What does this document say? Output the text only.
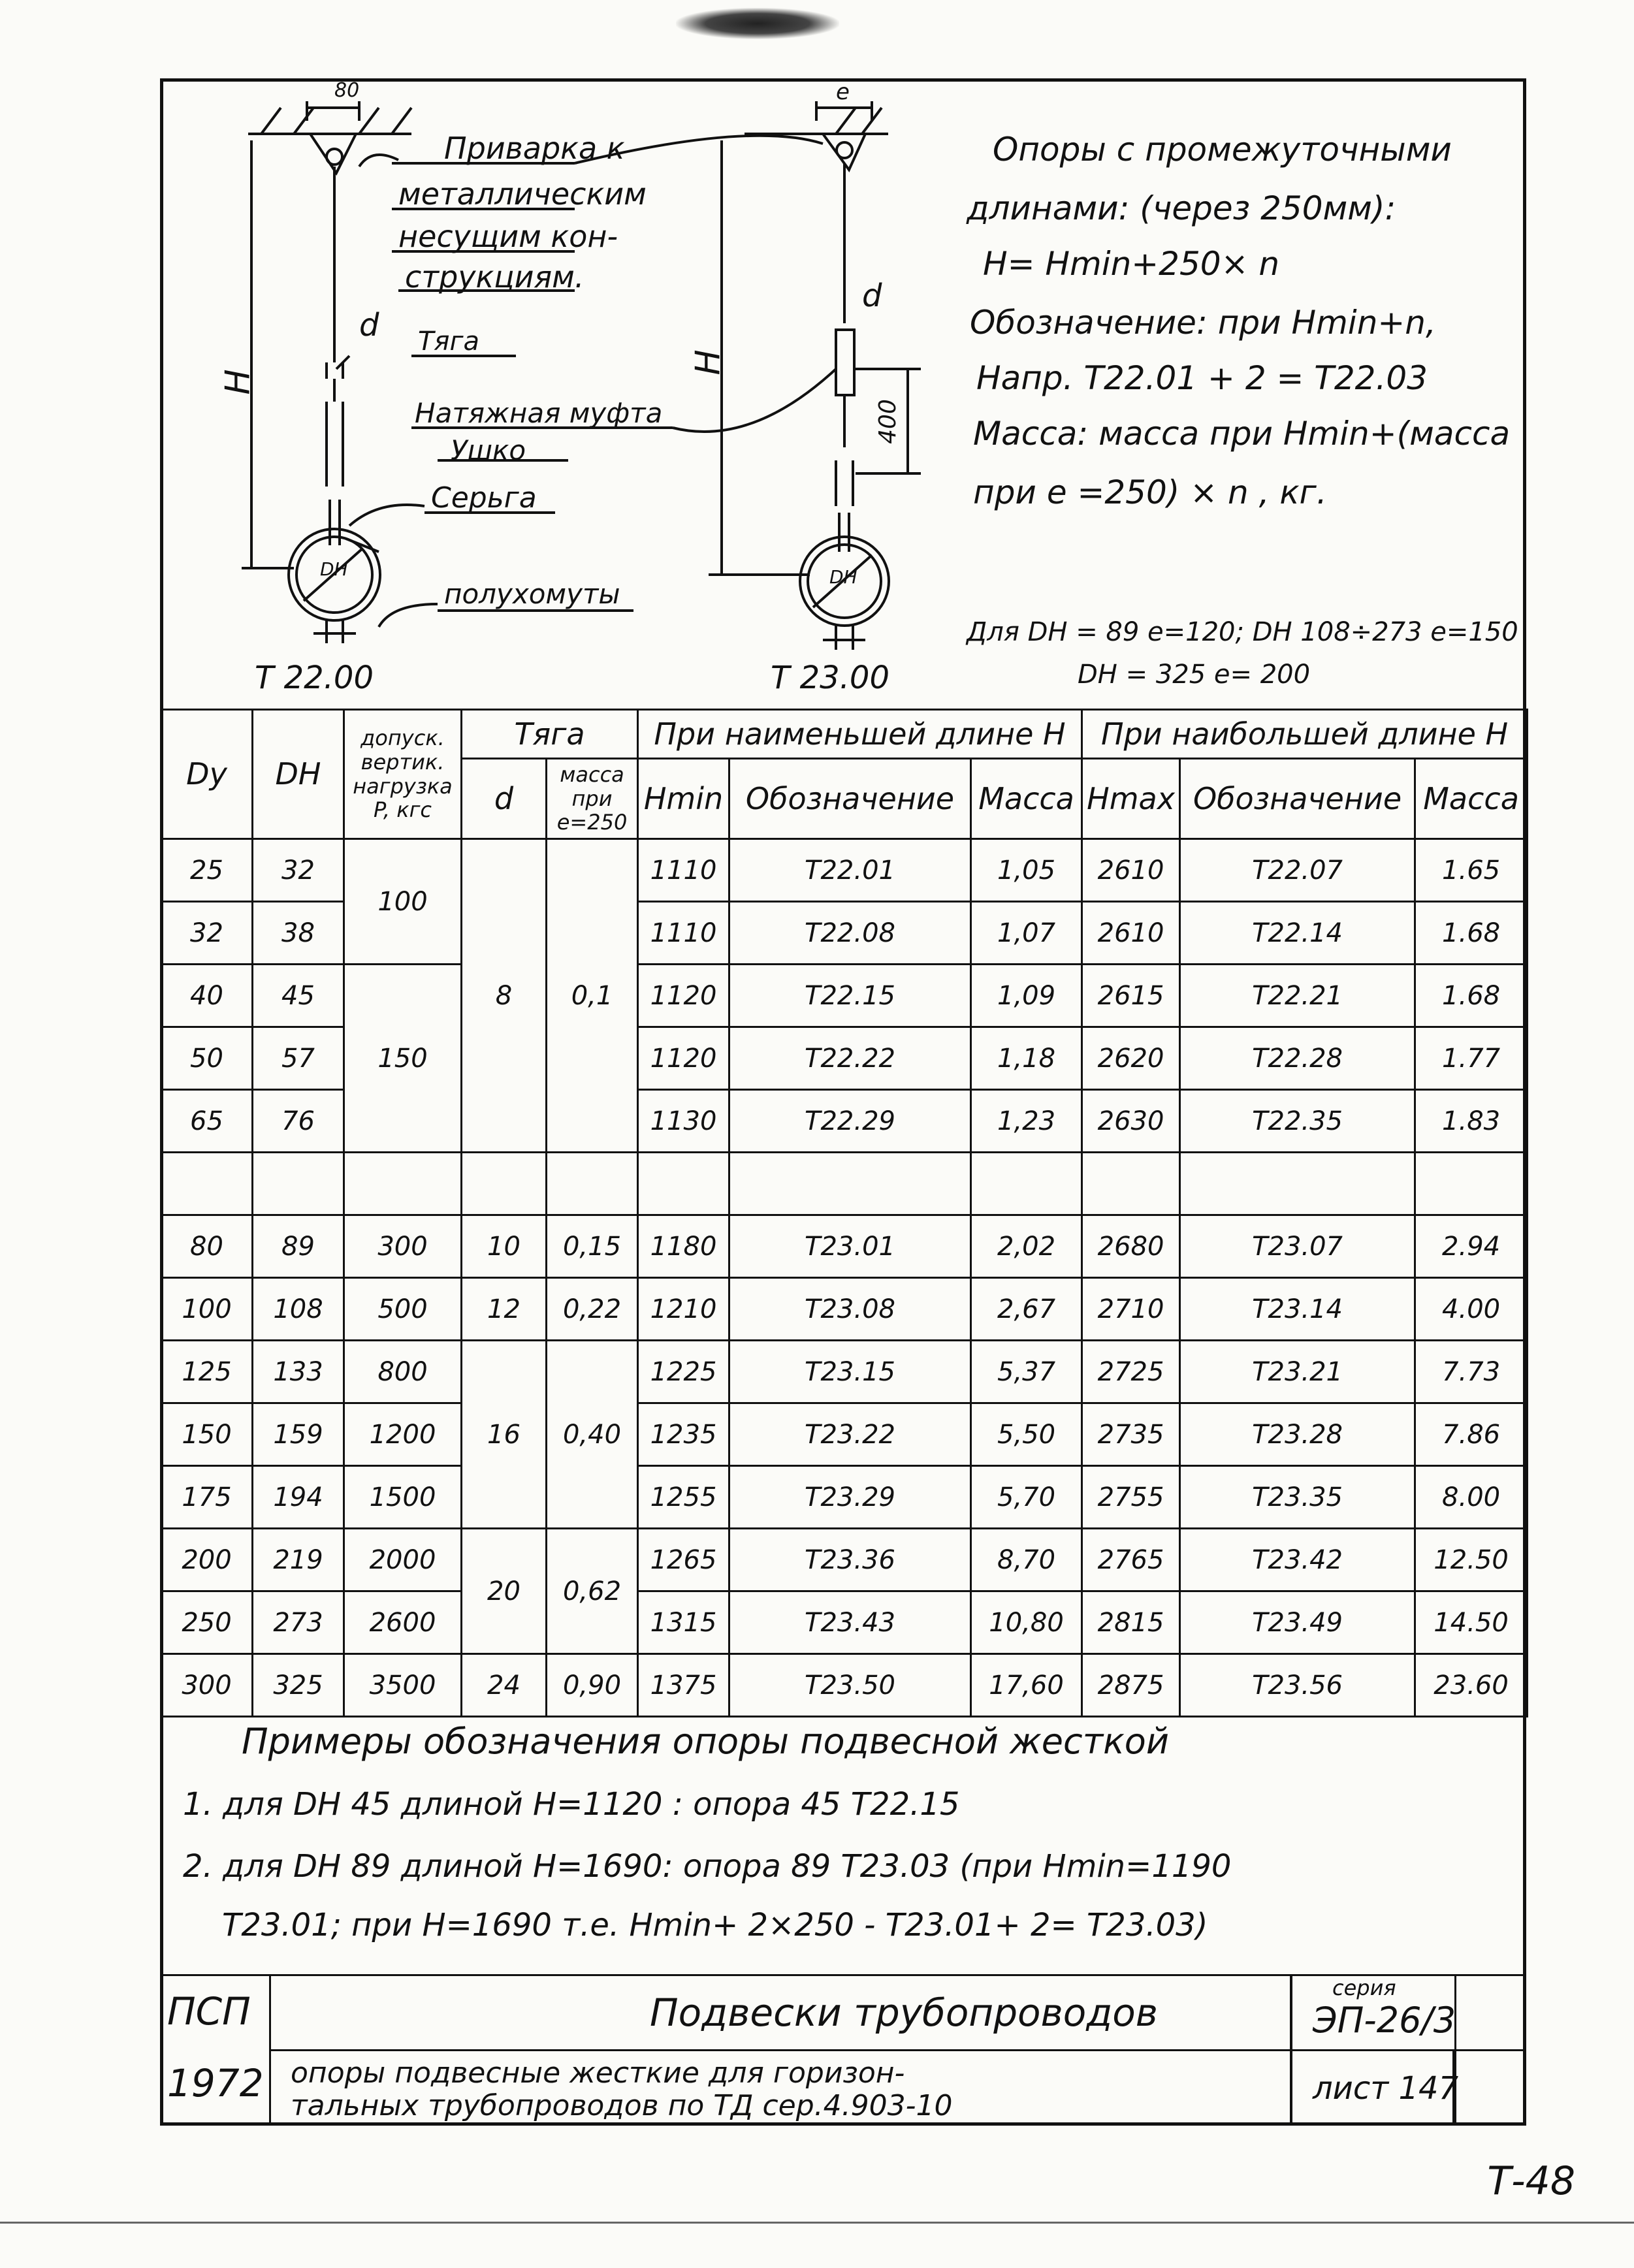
80	e
H
H
d
d
400
DH	DH
Приварка к
металлическим
несущим кон-
струкциям.
Тяга
Натяжная муфта
Ушко
Серьга
полухомуты
Т 22.00	Т 23.00
Опоры с промежуточными
длинами: (через 250мм):
H= Hmin+250× n
Обозначение: при Hmin+n,
Напр. Т22.01 + 2 = Т22.03
Масса: масса при Hmin+(масса
при e =250) × n , кг.
Для DH = 89 e=120; DH 108÷273 e=150
DH = 325 e= 200
Dy	DH	допуск.
вертик.
нагрузка
P, кгс	Тяга		При наименьшей длине H			При наибольшей длине H		
			d	масса
при
e=250	Hmin	Обозначение	Масса	Hmax	Обозначение	Масса
25	32	100	8	0,1	1110	Т22.01	1,05	2610	Т22.07	1.65
32	38				1110	Т22.08	1,07	2610	Т22.14	1.68
40	45	150			1120	Т22.15	1,09	2615	Т22.21	1.68
50	57				1120	Т22.22	1,18	2620	Т22.28	1.77
65	76				1130	Т22.29	1,23	2630	Т22.35	1.83

80	89	300	10	0,15	1180	Т23.01	2,02	2680	Т23.07	2.94
100	108	500	12	0,22	1210	Т23.08	2,67	2710	Т23.14	4.00
125	133	800	16	0,40	1225	Т23.15	5,37	2725	Т23.21	7.73
150	159	1200			1235	Т23.22	5,50	2735	Т23.28	7.86
175	194	1500			1255	Т23.29	5,70	2755	Т23.35	8.00
200	219	2000	20	0,62	1265	Т23.36	8,70	2765	Т23.42	12.50
250	273	2600			1315	Т23.43	10,80	2815	Т23.49	14.50
300	325	3500	24	0,90	1375	Т23.50	17,60	2875	Т23.56	23.60
Примеры обозначения опоры подвесной жесткой
1. для DH 45 длиной H=1120 : опора 45 Т22.15
2. для DH 89 длиной H=1690: опора 89 Т23.03 (при Hmin=1190
Т23.01; при H=1690 т.е. Hmin+ 2×250 - Т23.01+ 2= Т23.03)
ПСП
1972
Подвески трубопроводов
опоры подвесные жесткие для горизон-
тальных трубопроводов по ТД сер.4.903-10
серия
ЭП-26/3
лист 147
Т-48
